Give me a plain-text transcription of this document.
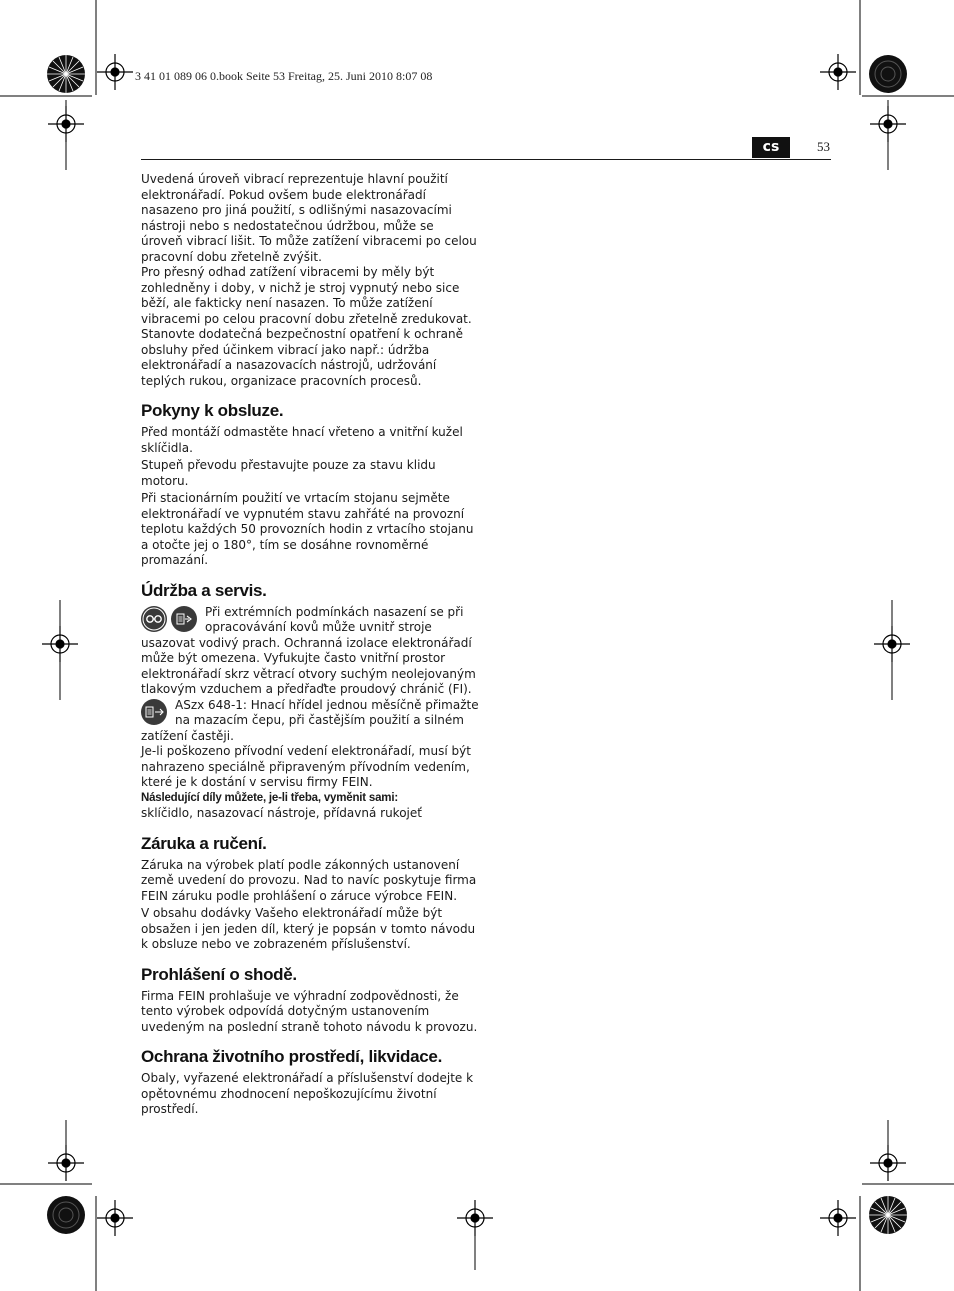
3 41 01 089 06 0.book Seite 53 Freitag, 25. Juni 2010 8:07 08
cs	53

Uvedená úroveň vibrací reprezentuje hlavní použití elektronářadí. Pokud ovšem bude elektronářadí nasazeno pro jiná použití, s odlišnými nasazovacími nástroji nebo s nedostatečnou údržbou, může se úroveň vibrací lišit. To může zatížení vibracemi po celou pracovní dobu zřetelně zvýšit.

Pro přesný odhad zatížení vibracemi by měly být zohledněny i doby, v nichž je stroj vypnutý nebo sice běží, ale fakticky není nasazen. To může zatížení vibracemi po celou pracovní dobu zřetelně zredukovat.

Stanovte dodatečná bezpečnostní opatření k ochraně obsluhy před účinkem vibrací jako např.: údržba elektronářadí a nasazovacích nástrojů, udržování teplých rukou, organizace pracovních procesů.

Pokyny k obsluze.

Před montáží odmastěte hnací vřeteno a vnitřní kužel sklíčidla.

Stupeň převodu přestavujte pouze za stavu klidu motoru.

Při stacionárním použití ve vrtacím stojanu sejměte elektronářadí ve vypnutém stavu zahřáté na provozní teplotu každých 50 provozních hodin z vrtacího stojanu a otočte jej o 180°, tím se dosáhne rovnoměrné promazání.

Údržba a servis.

Při extrémních podmínkách nasazení se při opracovávání kovů může uvnitř stroje usazovat vodivý prach. Ochranná izolace elektronářadí může být omezena. Vyfukujte často vnitřní prostor elektronářadí skrz větrací otvory suchým neolejovaným tlakovým vzduchem a předřaďte proudový chránič (FI).

ASzx 648-1: Hnací hřídel jednou měsíčně přimažte na mazacím čepu, při častějším použití a silném zatížení častěji.

Je-li poškozeno přívodní vedení elektronářadí, musí být nahrazeno speciálně připraveným přívodním vedením, které je k dostání v servisu firmy FEIN.

Následující díly můžete, je-li třeba, vyměnit sami:

sklíčidlo, nasazovací nástroje, přídavná rukojeť

Záruka a ručení.

Záruka na výrobek platí podle zákonných ustanovení země uvedení do provozu. Nad to navíc poskytuje firma FEIN záruku podle prohlášení o záruce výrobce FEIN.

V obsahu dodávky Vašeho elektronářadí může být obsažen i jen jeden díl, který je popsán v tomto návodu k obsluze nebo ve zobrazeném příslušenství.

Prohlášení o shodě.

Firma FEIN prohlašuje ve výhradní zodpovědnosti, že tento výrobek odpovídá dotyčným ustanovením uvedeným na poslední straně tohoto návodu k provozu.

Ochrana životního prostředí, likvidace.

Obaly, vyřazené elektronářadí a příslušenství dodejte k opětovnému zhodnocení nepoškozujícímu životní prostředí.
